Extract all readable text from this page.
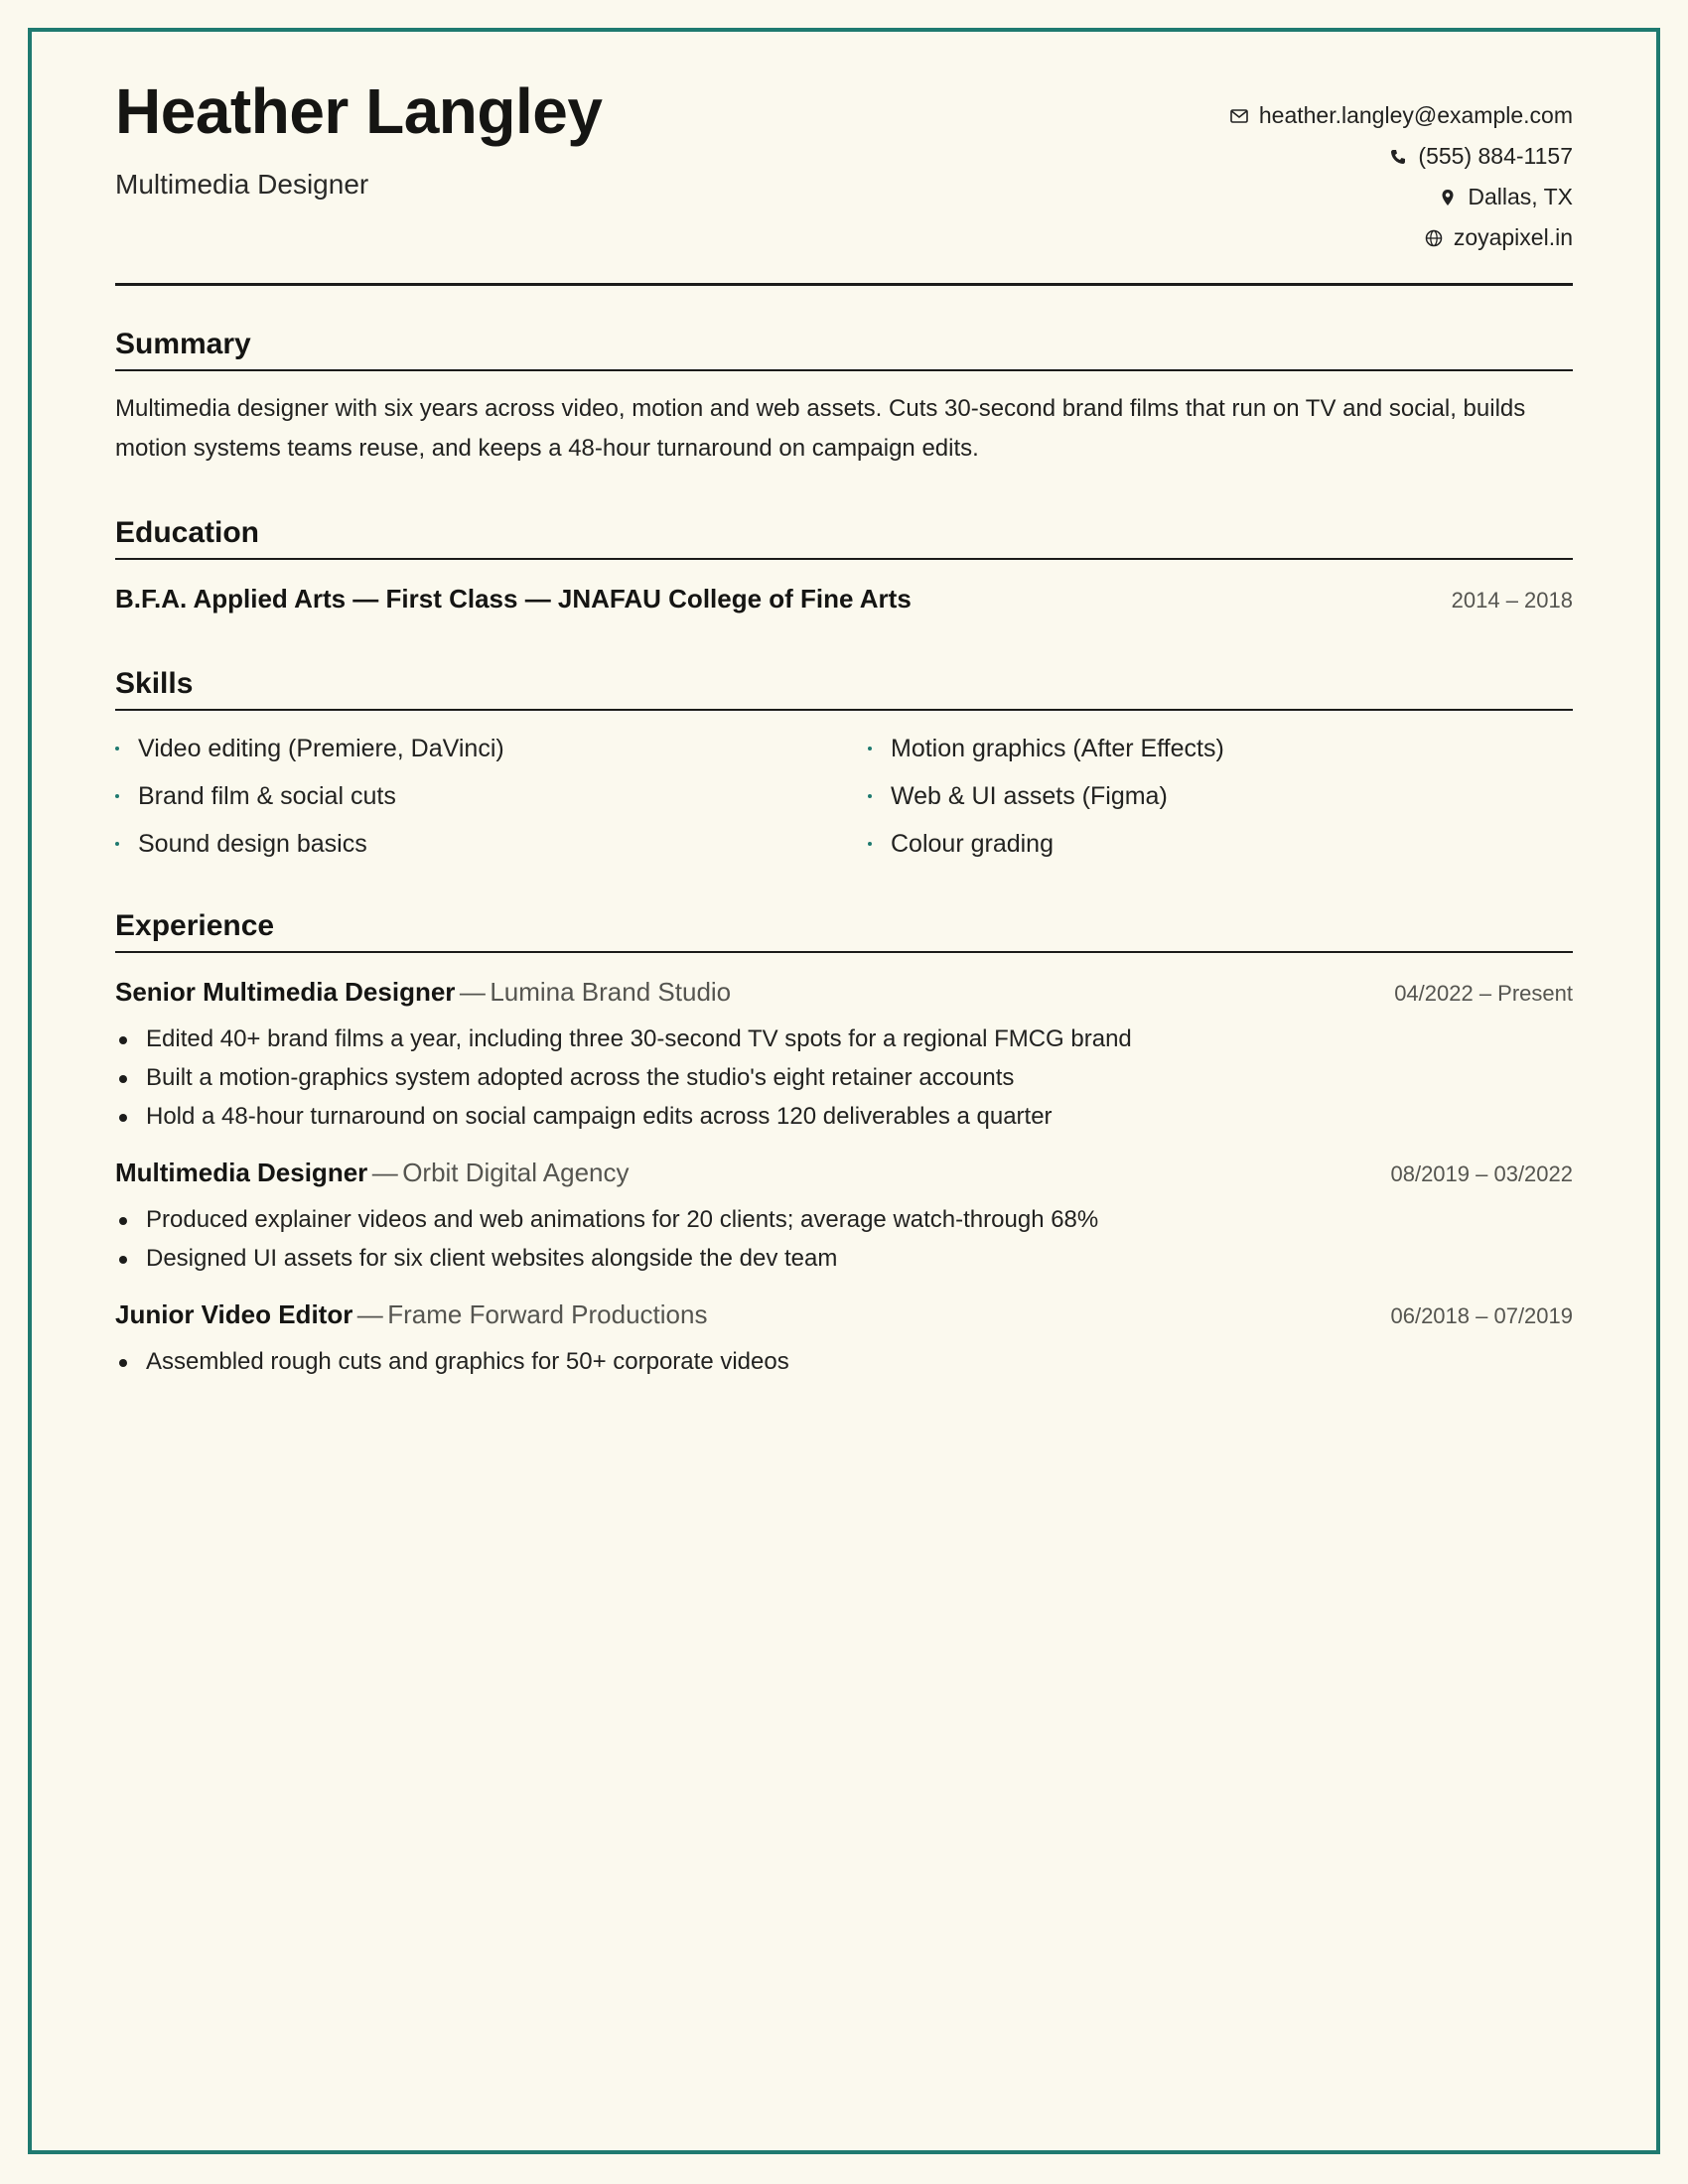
Heather Langley
Multimedia Designer
heather.langley@example.com
(555) 884-1157
Dallas, TX
zoyapixel.in
Summary
Multimedia designer with six years across video, motion and web assets. Cuts 30-second brand films that run on TV and social, builds motion systems teams reuse, and keeps a 48-hour turnaround on campaign edits.
Education
B.F.A. Applied Arts — First Class — JNAFAU College of Fine Arts	2014 – 2018
Skills
Video editing (Premiere, DaVinci)	Motion graphics (After Effects)
Brand film & social cuts	Web & UI assets (Figma)
Sound design basics	Colour grading
Experience
Senior Multimedia Designer — Lumina Brand Studio	04/2022 – Present
Edited 40+ brand films a year, including three 30-second TV spots for a regional FMCG brand
Built a motion-graphics system adopted across the studio's eight retainer accounts
Hold a 48-hour turnaround on social campaign edits across 120 deliverables a quarter
Multimedia Designer — Orbit Digital Agency	08/2019 – 03/2022
Produced explainer videos and web animations for 20 clients; average watch-through 68%
Designed UI assets for six client websites alongside the dev team
Junior Video Editor — Frame Forward Productions	06/2018 – 07/2019
Assembled rough cuts and graphics for 50+ corporate videos
